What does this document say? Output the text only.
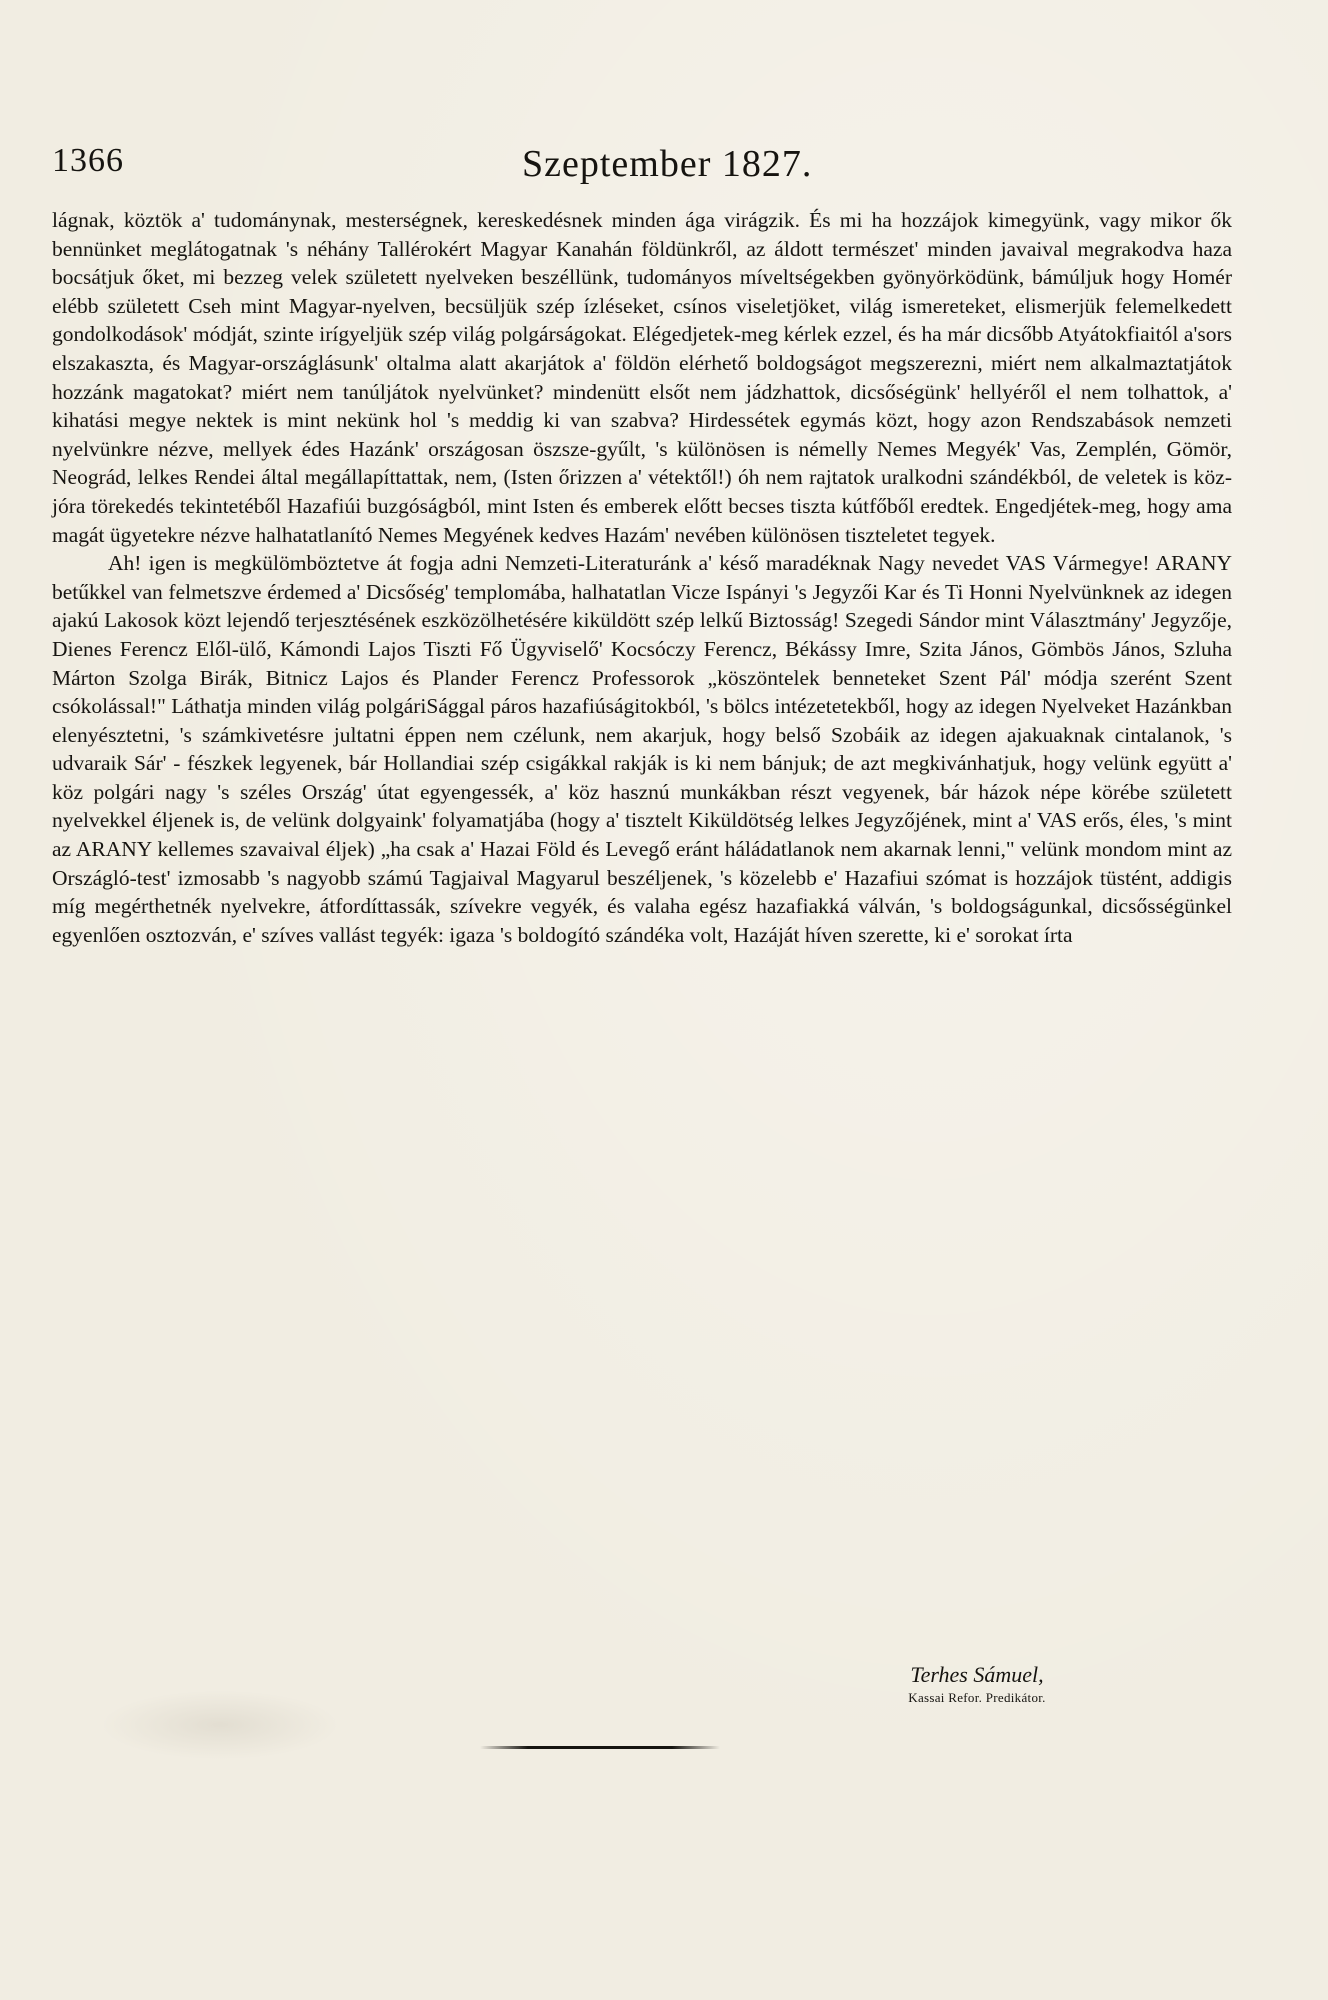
1366	Szeptember 1827.

lágnak, köztök a' tudománynak, mesterségnek, kereskedésnek minden ága virágzik. És mi ha hozzájok kimegyünk, vagy mikor ők bennünket meglátogatnak 's néhány Tallérokért Magyar Kanahán földünkről, az áldott természet' minden javaival megrakodva haza bocsátjuk őket, mi bezzeg velek született nyelveken beszéllünk, tudományos míveltségekben gyönyörködünk, bámúljuk hogy Homér elébb született Cseh mint Magyar-nyelven, becsüljük szép ízléseket, csínos viseletjöket, világ ismereteket, elismerjük felemelkedett gondolkodások' módját, szinte irígyeljük szép világ polgárságokat. Elégedjetek-meg kérlek ezzel, és ha már dicsőbb Atyátokfiaitól a'sors elszakaszta, és Magyar-országlásunk' oltalma alatt akarjátok a' földön elérhető boldogságot megszerezni, miért nem alkalmaztatjátok hozzánk magatokat? miért nem tanúljátok nyelvünket? mindenütt elsőt nem jádzhattok, dicsőségünk' hellyéről el nem tolhattok, a' kihatási megye nektek is mint nekünk hol 's meddig ki van szabva? Hirdessétek egymás közt, hogy azon Rendszabások nemzeti nyelvünkre nézve, mellyek édes Hazánk' országosan öszsze-gyűlt, 's különösen is némelly Nemes Megyék' Vas, Zemplén, Gömör, Neográd, lelkes Rendei által megállapíttattak, nem, (Isten őrizzen a' vétektől!) óh nem rajtatok uralkodni szándékból, de veletek is köz-jóra törekedés tekintetéből Hazafiúi buzgóságból, mint Isten és emberek előtt becses tiszta kútfőből eredtek. Engedjétek-meg, hogy ama magát ügyetekre nézve halhatatlanító Nemes Megyének kedves Hazám' nevében különösen tiszteletet tegyek.

Ah! igen is megkülömböztetve át fogja adni Nemzeti-Literaturánk a' késő maradéknak Nagy nevedet VAS Vármegye! ARANY betűkkel van felmetszve érdemed a' Dicsőség' templomába, halhatatlan Vicze Ispányi 's Jegyzői Kar és Ti Honni Nyelvünknek az idegen ajakú Lakosok közt lejendő terjesztésének eszközölhetésére kiküldött szép lelkű Biztosság! Szegedi Sándor mint Választmány' Jegyzője, Dienes Ferencz Elől-ülő, Kámondi Lajos Tiszti Fő Ügyviselő' Kocsóczy Ferencz, Békássy Imre, Szita János, Gömbös János, Szluha Márton Szolga Birák, Bitnicz Lajos és Plander Ferencz Professorok „köszöntelek benneteket Szent Pál' módja szerént Szent csókolással!" Láthatja minden világ polgáriSággal páros hazafiúságitokból, 's bölcs intézetetekből, hogy az idegen Nyelveket Hazánkban elenyésztetni, 's számkivetésre jultatni éppen nem czélunk, nem akarjuk, hogy belső Szobáik az idegen ajakuaknak cintalanok, 's udvaraik Sár' - fészkek legyenek, bár Hollandiai szép csigákkal rakják is ki nem bánjuk; de azt megkivánhatjuk, hogy velünk együtt a' köz polgári nagy 's széles Ország' útat egyengessék, a' köz hasznú munkákban részt vegyenek, bár házok népe körébe született nyelvekkel éljenek is, de velünk dolgyaink' folyamatjába (hogy a' tisztelt Kiküldötség lelkes Jegyzőjének, mint a' VAS erős, éles, 's mint az ARANY kellemes szavaival éljek) „ha csak a' Hazai Föld és Levegő eránt háládatlanok nem akarnak lenni," velünk mondom mint az Országló-test' izmosabb 's nagyobb számú Tagjaival Magyarul beszéljenek, 's közelebb e' Hazafiui szómat is hozzájok tüstént, addigis míg megérthetnék nyelvekre, átfordíttassák, szívekre vegyék, és valaha egész hazafiakká válván, 's boldogságunkal, dicsősségünkel egyenlően osztozván, e' szíves vallást tegyék: igaza 's boldogító szándéka volt, Hazáját híven szerette, ki e' sorokat írta

Terhes Sámuel,
Kassai Refor. Predikátor.
